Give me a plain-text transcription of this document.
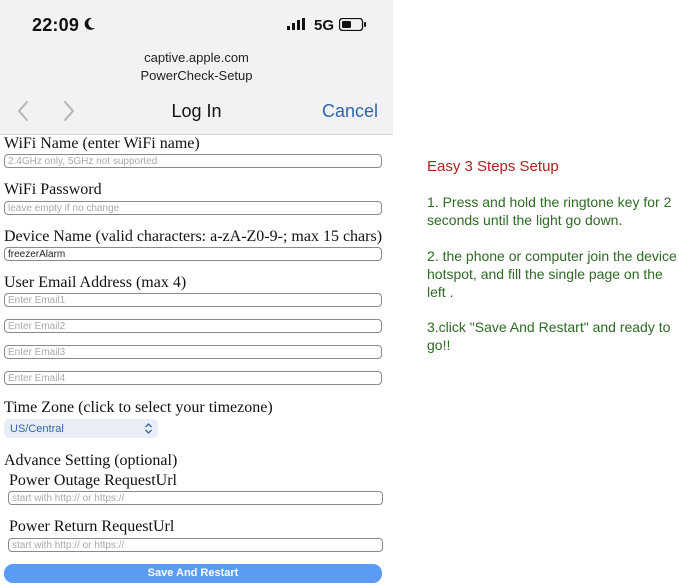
22:09	5G
captive.apple.com
PowerCheck-Setup
Log In	Cancel
WiFi Name (enter WiFi name)
2.4GHz only, 5GHz not supported
WiFi Password
leave empty if no change
Device Name (valid characters: a-zA-Z0-9-; max 15 chars)
freezerAlarm
User Email Address (max 4)
Enter Email1
Enter Email2
Enter Email3
Enter Email4
Time Zone (click to select your timezone)
US/Central
Advance Setting (optional)
Power Outage RequestUrl
start with http:// or https://
Power Return RequestUrl
start with http:// or https://
Save And Restart
Easy 3 Steps Setup
1. Press and hold the ringtone key for 2 seconds until the light go down.
2. the phone or computer join the device hotspot, and fill the single page on the left .
3.click "Save And Restart" and ready to go!!
